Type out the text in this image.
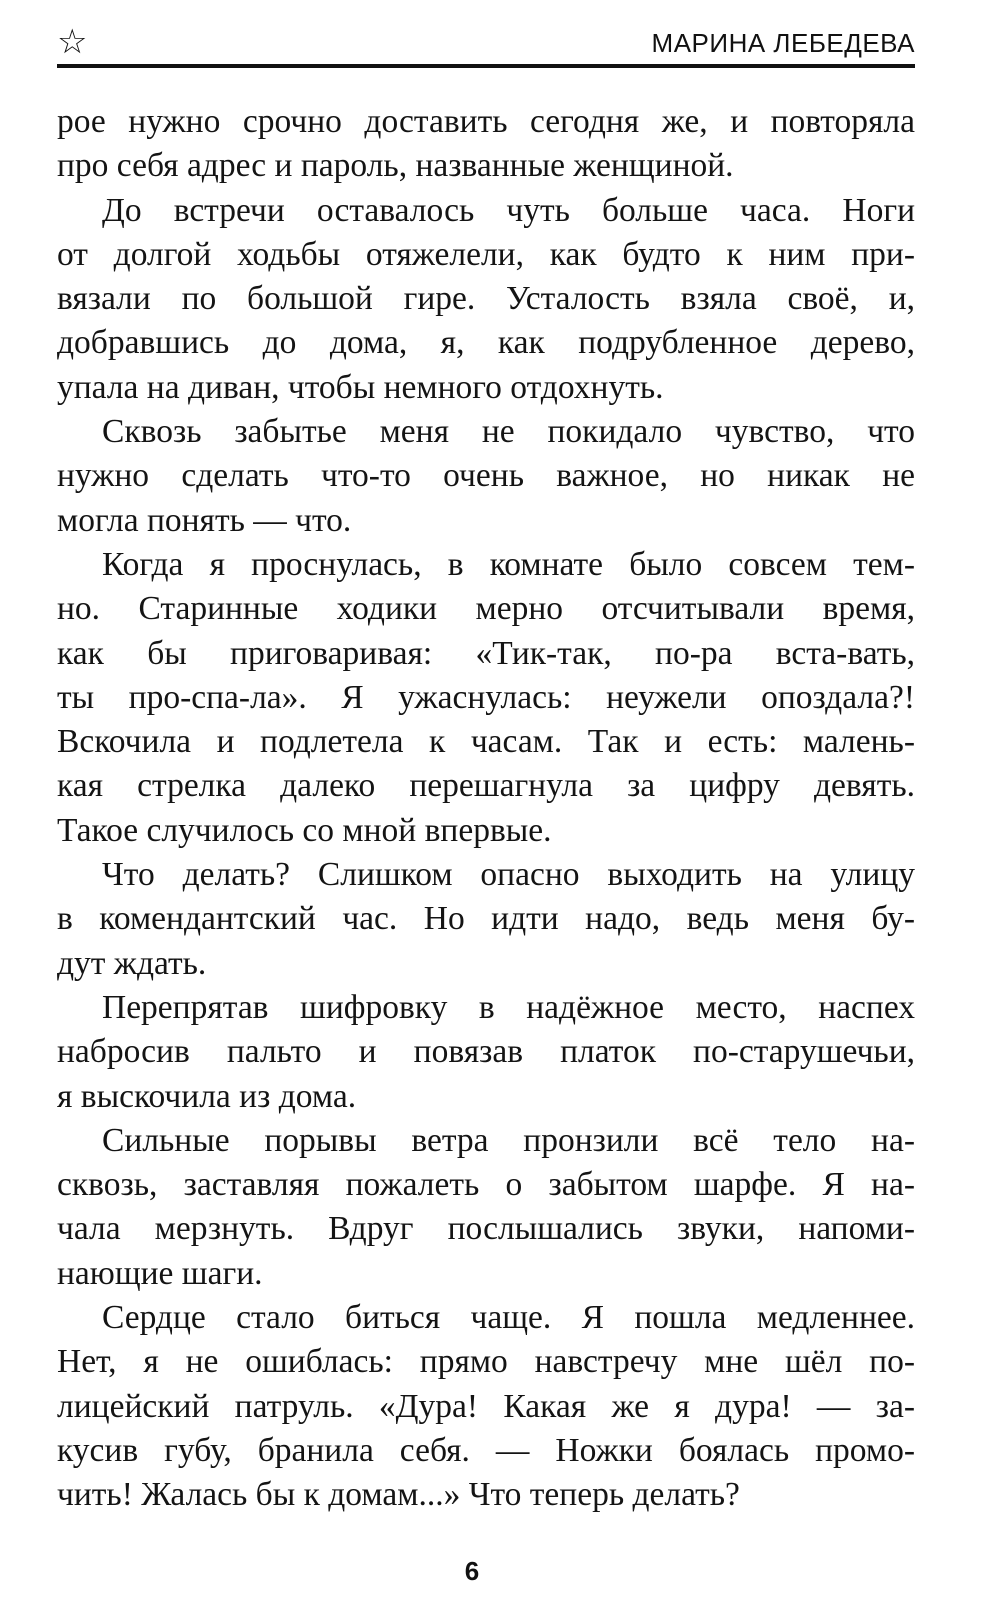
☆	МАРИНА ЛЕБЕДЕВА
рое нужно срочно доставить сегодня же, и повторяла
про себя адрес и пароль, названные женщиной.
До встречи оставалось чуть больше часа. Ноги
от долгой ходьбы отяжелели, как будто к ним при-
вязали по большой гире. Усталость взяла своё, и,
добравшись до дома, я, как подрубленное дерево,
упала на диван, чтобы немного отдохнуть.
Сквозь забытье меня не покидало чувство, что
нужно сделать что-то очень важное, но никак не
могла понять — что.
Когда я проснулась, в комнате было совсем тем-
но. Старинные ходики мерно отсчитывали время,
как бы приговаривая: «Тик-так, по-ра вста-вать,
ты про-спа-ла». Я ужаснулась: неужели опоздала?!
Вскочила и подлетела к часам. Так и есть: малень-
кая стрелка далеко перешагнула за цифру девять.
Такое случилось со мной впервые.
Что делать? Слишком опасно выходить на улицу
в комендантский час. Но идти надо, ведь меня бу-
дут ждать.
Перепрятав шифровку в надёжное место, наспех
набросив пальто и повязав платок по-старушечьи,
я выскочила из дома.
Сильные порывы ветра пронзили всё тело на-
сквозь, заставляя пожалеть о забытом шарфе. Я на-
чала мерзнуть. Вдруг послышались звуки, напоми-
нающие шаги.
Сердце стало биться чаще. Я пошла медленнее.
Нет, я не ошиблась: прямо навстречу мне шёл по-
лицейский патруль. «Дура! Какая же я дура! — за-
кусив губу, бранила себя. — Ножки боялась промо-
чить! Жалась бы к домам...» Что теперь делать?
6
